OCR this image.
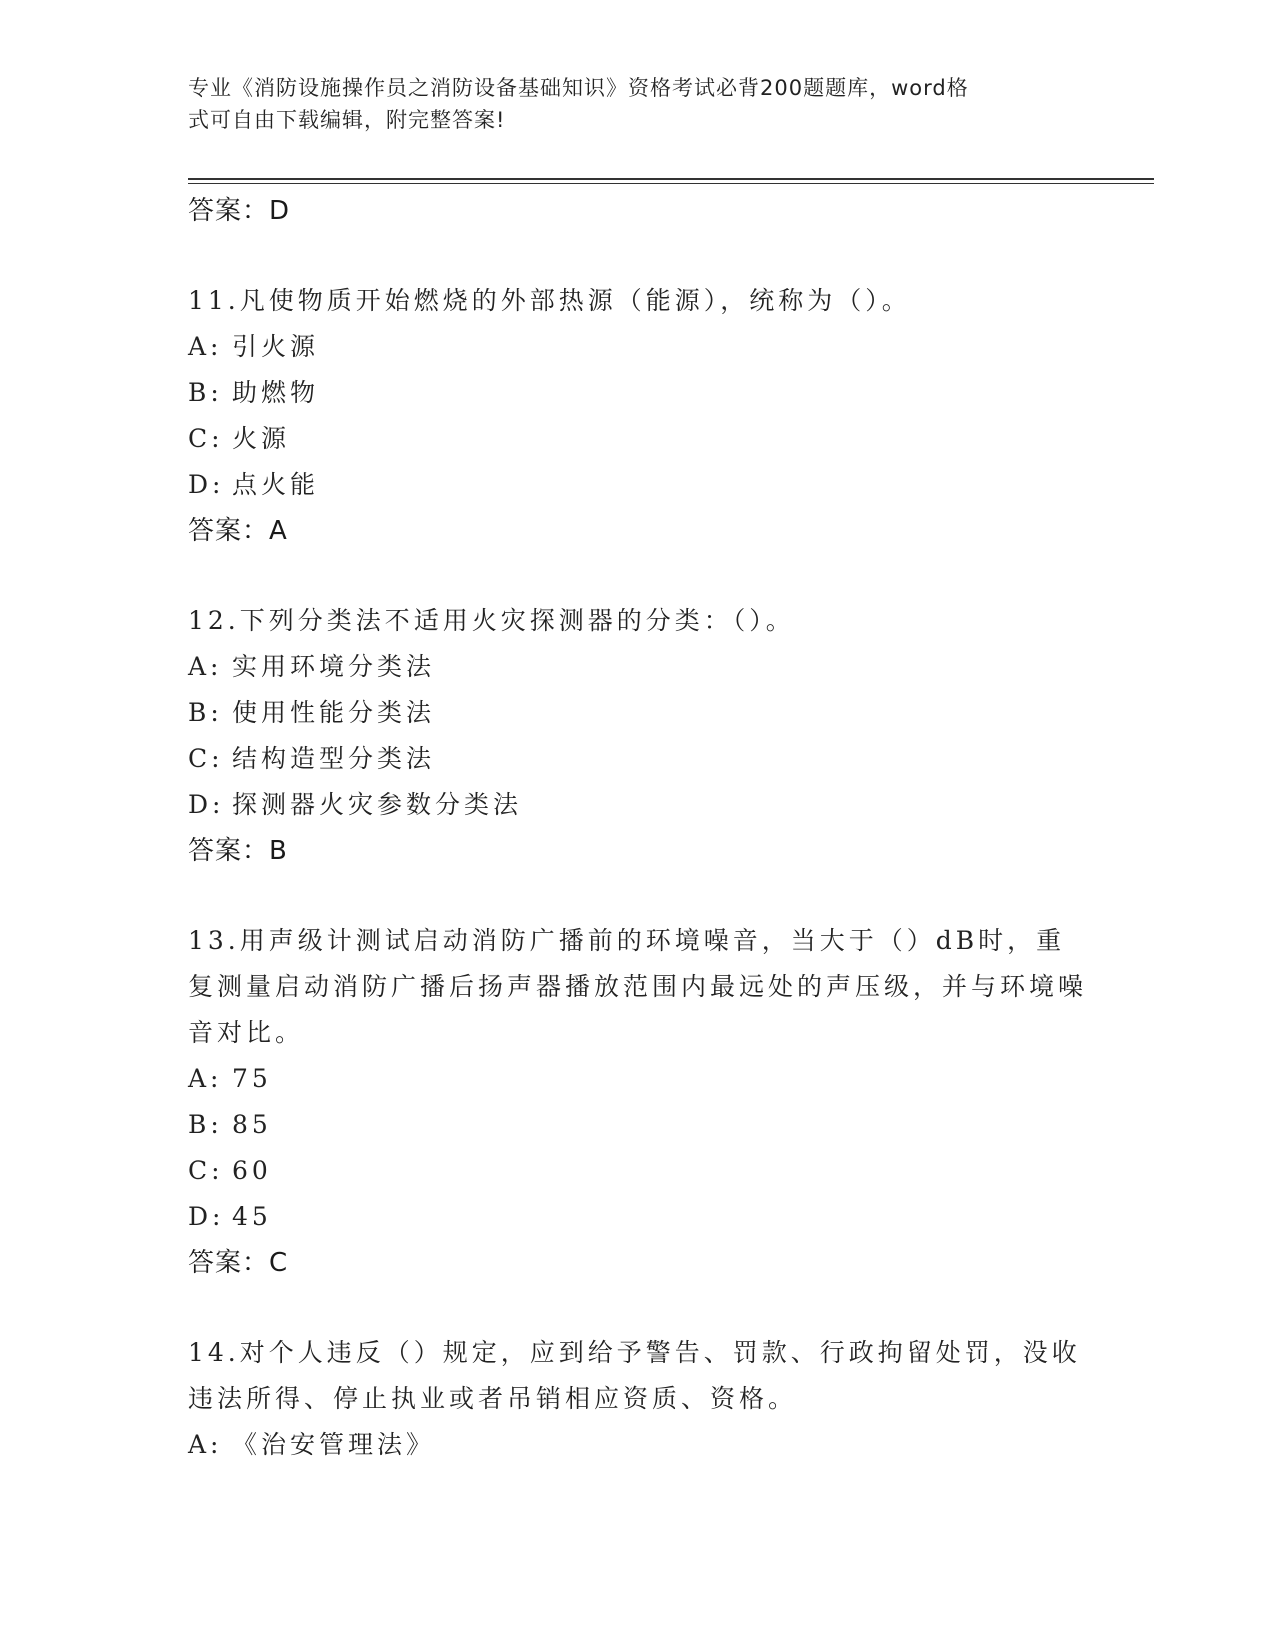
专业《消防设施操作员之消防设备基础知识》资格考试必背200题题库，word格
式可自由下载编辑，附完整答案!

答案：D

11.凡使物质开始燃烧的外部热源（能源），统称为（）。

A: 引火源

B: 助燃物

C: 火源

D: 点火能

答案：A

12.下列分类法不适用火灾探测器的分类：（）。

A: 实用环境分类法

B: 使用性能分类法

C: 结构造型分类法

D: 探测器火灾参数分类法

答案：B

13.用声级计测试启动消防广播前的环境噪音，当大于（）dB时，重复测量启动消防广播后扬声器播放范围内最远处的声压级，并与环境噪音对比。

A: 75

B: 85

C: 60

D: 45

答案：C

14.对个人违反（）规定，应到给予警告、罚款、行政拘留处罚，没收违法所得、停止执业或者吊销相应资质、资格。

A: 《治安管理法》
